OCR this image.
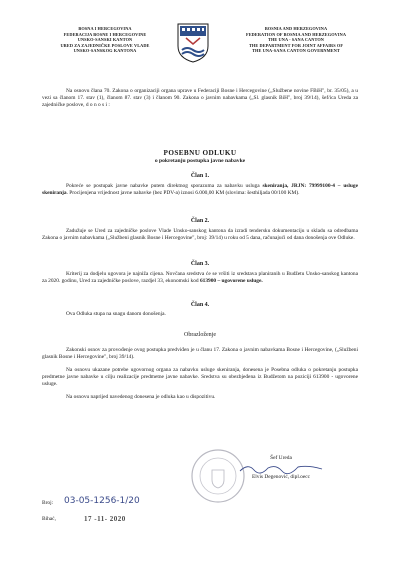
BOSNA I HERCEGOVINA
FEDERACIJA BOSNE I HERCEGOVINE
UNSKO-SANSKI KANTON
URED ZA ZAJEDNIČKE POSLOVE VLADE
UNSKO-SANSKOG KANTONA
BOSNIA AND HERZEGOVINA
FEDERATION OF BOSNIA AND HERZEGOVINA
THE UNA - SANA CANTON
THE DEPARTMENT FOR JOINT AFFAIRS OF
THE UNA-SANA CANTON GOVERNMENT

Na osnovu člana 70. Zakona o organizaciji organa uprave u Federaciji Bosne i Hercegovine („Službene novine FBiH", br. 35/05), a u vezi sa članom 17. stav (1), članom 87. stav (3) i članom 90. Zakona o javnim nabavkama („Sl. glasnik BiH", broj 39/14), šef/ica Ureda za zajedničke poslove, d o n o s i :

POSEBNU ODLUKU
o pokretanju postupka javne nabavke
Član 1.

Pokreće se postupak javne nabavke putem direktnog sporazuma za nabavku usluga skeniranja, JRJN: 79999100-4 – usluge skeniranja. Procijenjena vrijednost javne nabavke (bez PDV-a) iznosi 6.000,00 KM (slovima: šesthiljada 00/100 KM).

Član 2.

Zadužuje se Ured za zajedničke poslove Vlade Unsko-sanskog kantona da izradi tendersku dokumentaciju u skladu sa odredbama Zakona o javnim nabavkama („Službeni glasnik Bosne i Hercegovine", broj: 39/14) u roku od 5 dana, računajući od dana donošenja ove Odluke.

Član 3.

Kriterij za dodjelu ugovora je najniža cijena. Novčana sredstva će se vršiti iz sredstava planiranih u Budžetu Unsko-sanskog kantona za 2020. godinu, Ured za zajedničke poslove, razdjel 33, ekonomski kod 613900 – ugovorene usluge.

Član 4.

Ova Odluka stupa na snagu danom donošenja.

Obrazloženje

Zakonski osnov za provođenje ovog postupka predviđen je u članu 17. Zakona o javnim nabavkama Bosne i Hercegovine, („Službeni glasnik Bosne i Hercegovine", broj 39/14).

Na osnovu ukazane potrebe ugovornog organa za nabavku usluge skeniranja, donesena je Posebna odluka o pokretanju postupka predmetne javne nabavke u cilju realizacije predmetne javne nabavke. Sredstva su obezbjeđena iz Budžetom na poziciji 613900 - ugovorene usluge.

Na osnovu naprijed navedenog donesena je odluka kao u dispozitivu.

Šef Ureda
Elvis Degenović, dipl.oecc
Broj: 03-05-1256-1/20
Bihać,	17 -11- 2020
